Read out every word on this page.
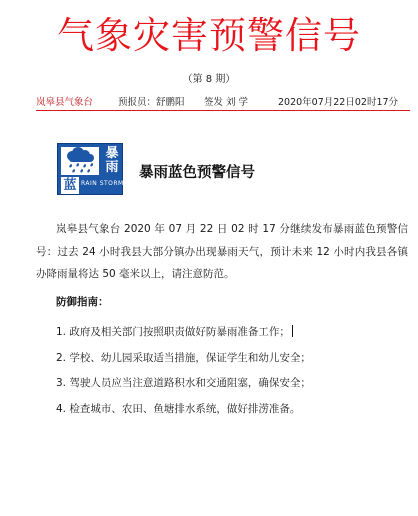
气象灾害预警信号
（第 8 期）
岚皋县气象台	预报员：舒鹏阳 签发 刘 学	2020年07月22日02时17分
暴
雨
蓝 RAIN STORM
暴雨蓝色预警信号

岚皋县气象台 2020 年 07 月 22 日 02 时 17 分继续发布暴雨蓝色预警信号：过去 24 小时我县大部分镇办出现暴雨天气，预计未来 12 小时内我县各镇办降雨量将达 50 毫米以上，请注意防范。

防御指南：
1. 政府及相关部门按照职责做好防暴雨准备工作；
2. 学校、幼儿园采取适当措施，保证学生和幼儿安全；
3. 驾驶人员应当注意道路积水和交通阻塞，确保安全；
4. 检查城市、农田、鱼塘排水系统，做好排涝准备。
